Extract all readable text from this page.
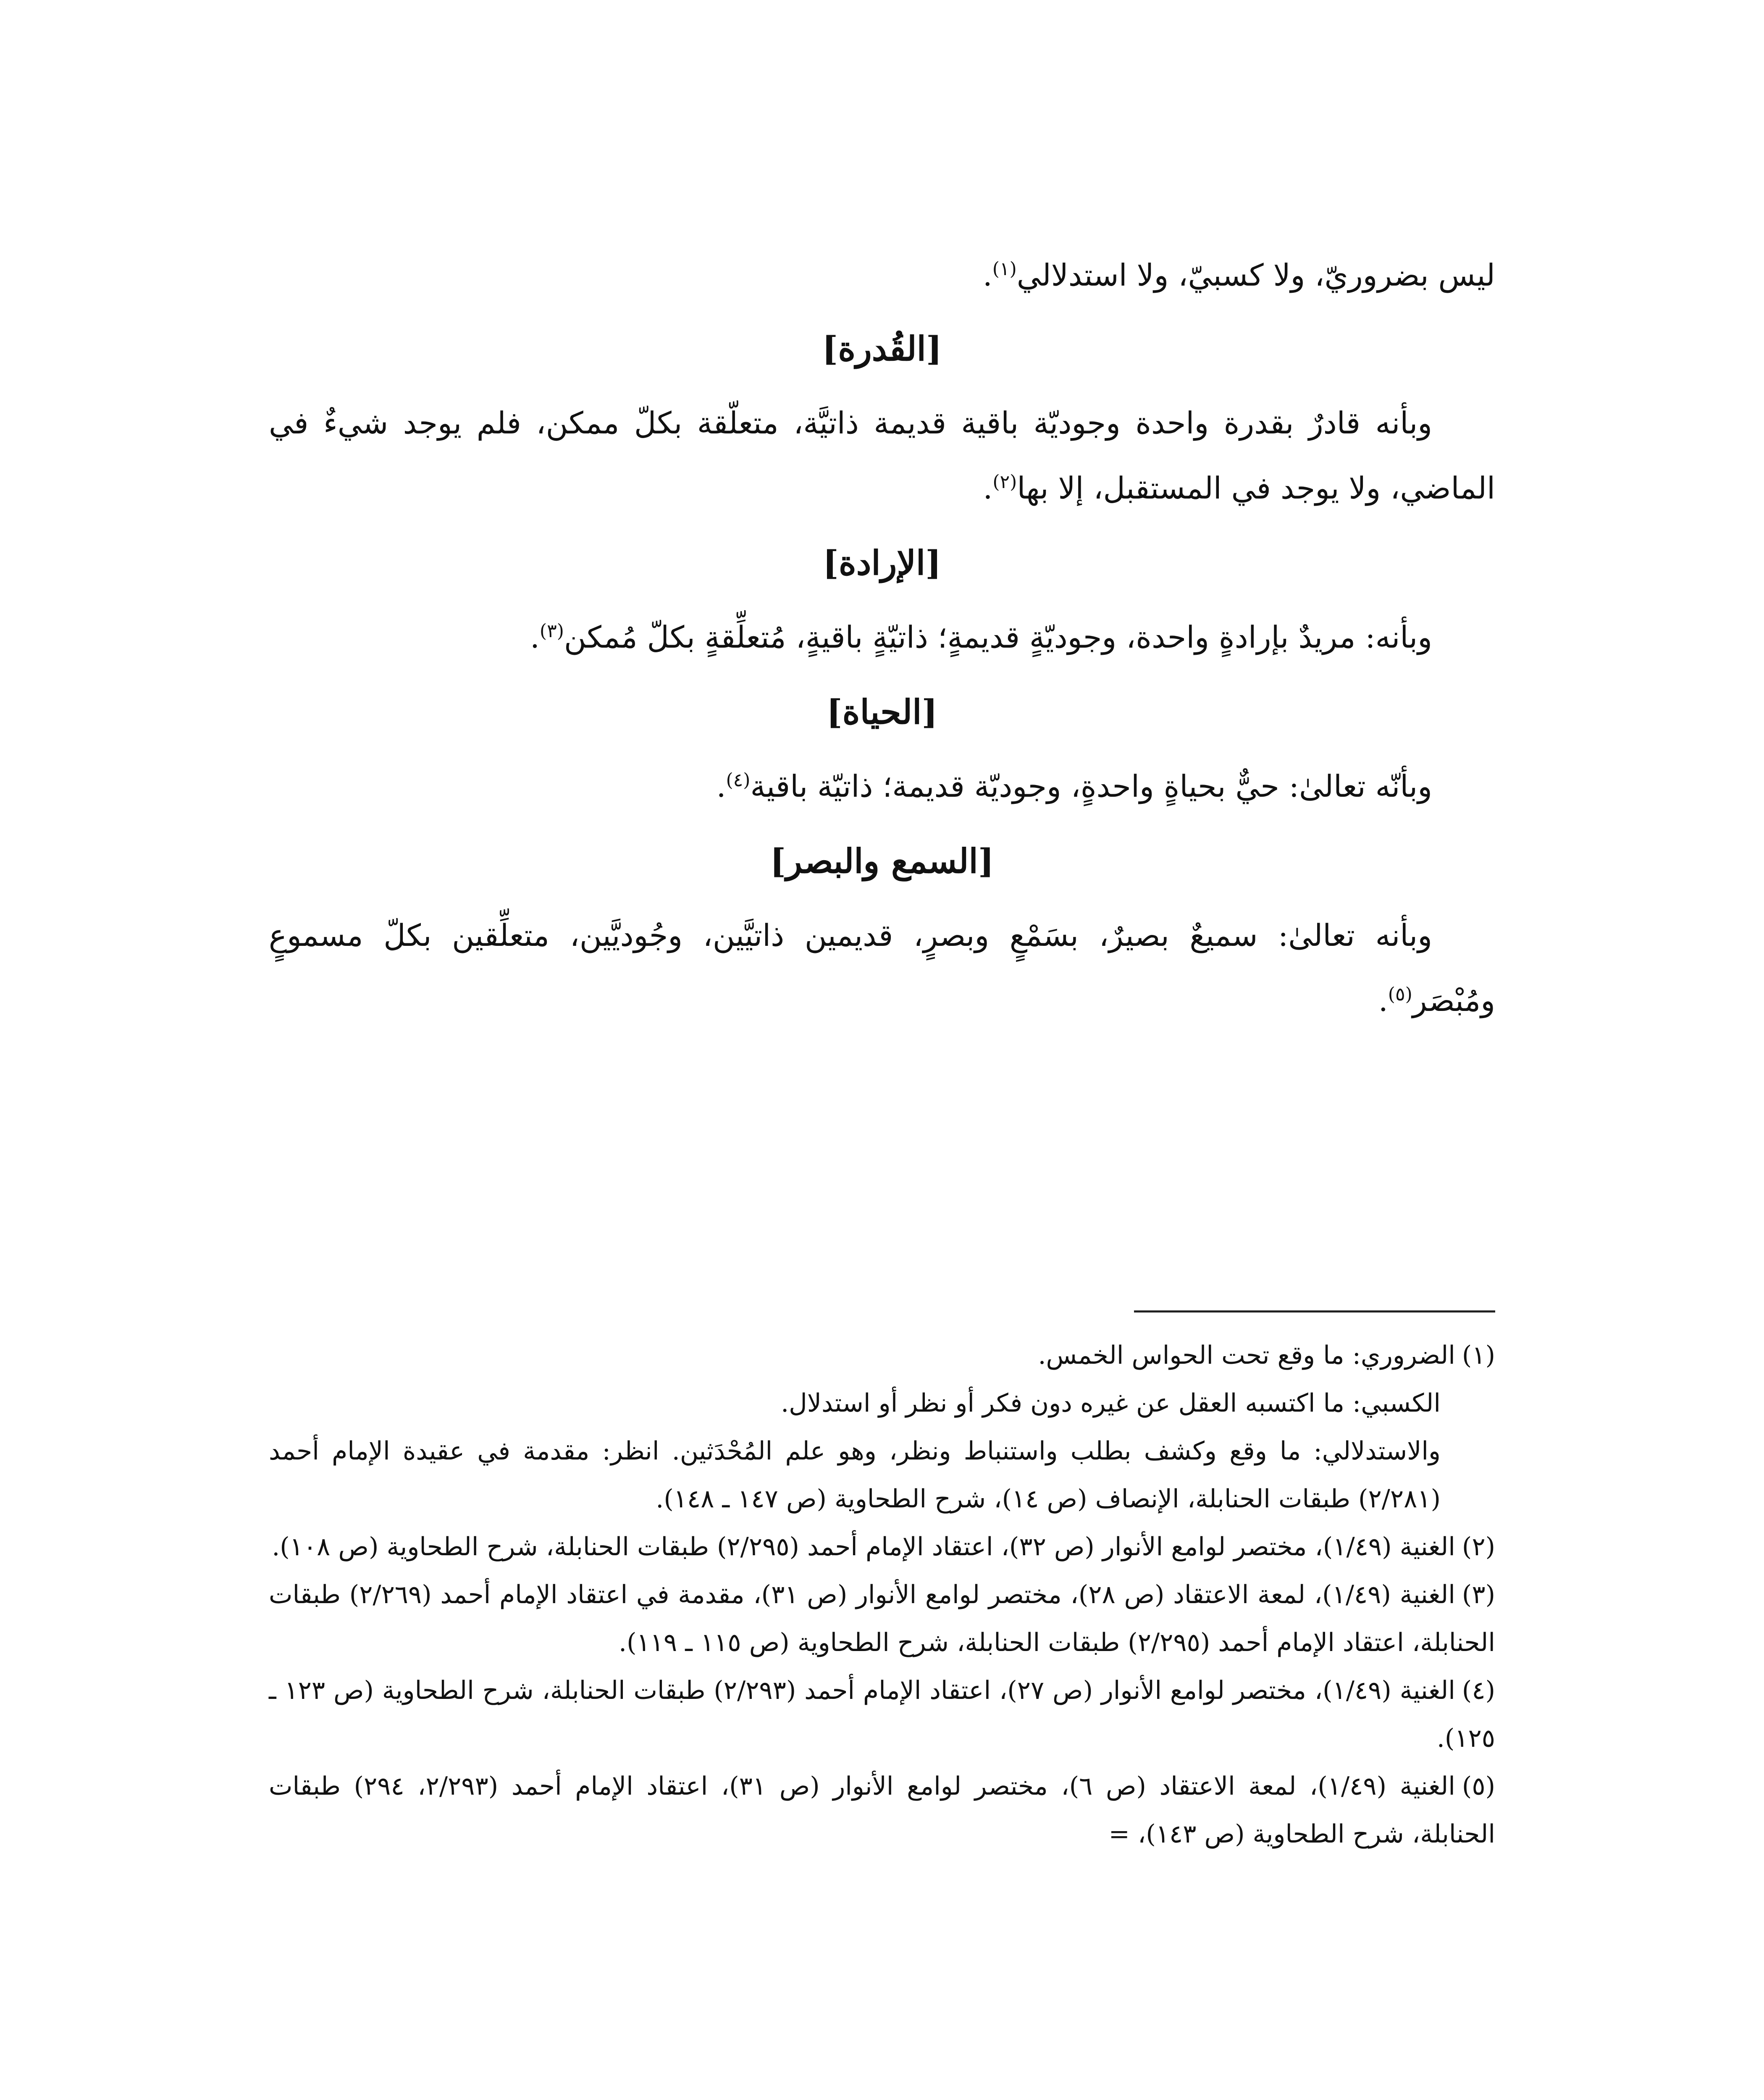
ليس بضروريّ، ولا كسبيّ، ولا استدلالي$^{(١)}$.

[القُدرة]

وبأنه قادرٌ بقدرة واحدة وجوديّة باقية قديمة ذاتيَّة، متعلّقة بكلّ ممكن، فلم يوجد شيءٌ في الماضي، ولا يوجد في المستقبل، إلا بها$^{(٢)}$.

[الإرادة]

وبأنه: مريدٌ بإرادةٍ واحدة، وجوديّةٍ قديمةٍ؛ ذاتيّةٍ باقيةٍ، مُتعلِّقةٍ بكلّ مُمكن$^{(٣)}$.

[الحياة]

وبأنّه تعالىٰ: حيٌّ بحياةٍ واحدةٍ، وجوديّة قديمة؛ ذاتيّة باقية$^{(٤)}$.

[السمع والبصر]

وبأنه تعالىٰ: سميعٌ بصيرٌ، بسَمْعٍ وبصرٍ، قديمين ذاتيَّين، وجُوديَّين، متعلِّقين بكلّ مسموعٍ ومُبْصَر$^{(٥)}$.

(١)الضروري: ما وقع تحت الحواس الخمس.

الكسبي: ما اكتسبه العقل عن غيره دون فكر أو نظر أو استدلال.

والاستدلالي: ما وقع وكشف بطلب واستنباط ونظر، وهو علم المُحْدَثين. انظر: مقدمة في عقيدة الإمام أحمد (٢/٢٨١) طبقات الحنابلة، الإنصاف (ص ١٤)، شرح الطحاوية (ص ١٤٧ ـ ١٤٨).

(٢)الغنية (١/٤٩)، مختصر لوامع الأنوار (ص ٣٢)، اعتقاد الإمام أحمد (٢/٢٩٥) طبقات الحنابلة، شرح الطحاوية (ص ١٠٨).

(٣)الغنية (١/٤٩)، لمعة الاعتقاد (ص ٢٨)، مختصر لوامع الأنوار (ص ٣١)، مقدمة في اعتقاد الإمام أحمد (٢/٢٦٩) طبقات الحنابلة، اعتقاد الإمام أحمد (٢/٢٩٥) طبقات الحنابلة، شرح الطحاوية (ص ١١٥ ـ ١١٩).

(٤)الغنية (١/٤٩)، مختصر لوامع الأنوار (ص ٢٧)، اعتقاد الإمام أحمد (٢/٢٩٣) طبقات الحنابلة، شرح الطحاوية (ص ١٢٣ ـ ١٢٥).

(٥)الغنية (١/٤٩)، لمعة الاعتقاد (ص ٦)، مختصر لوامع الأنوار (ص ٣١)، اعتقاد الإمام أحمد (٢/٢٩٣، ٢٩٤) طبقات الحنابلة، شرح الطحاوية (ص ١٤٣)، =
